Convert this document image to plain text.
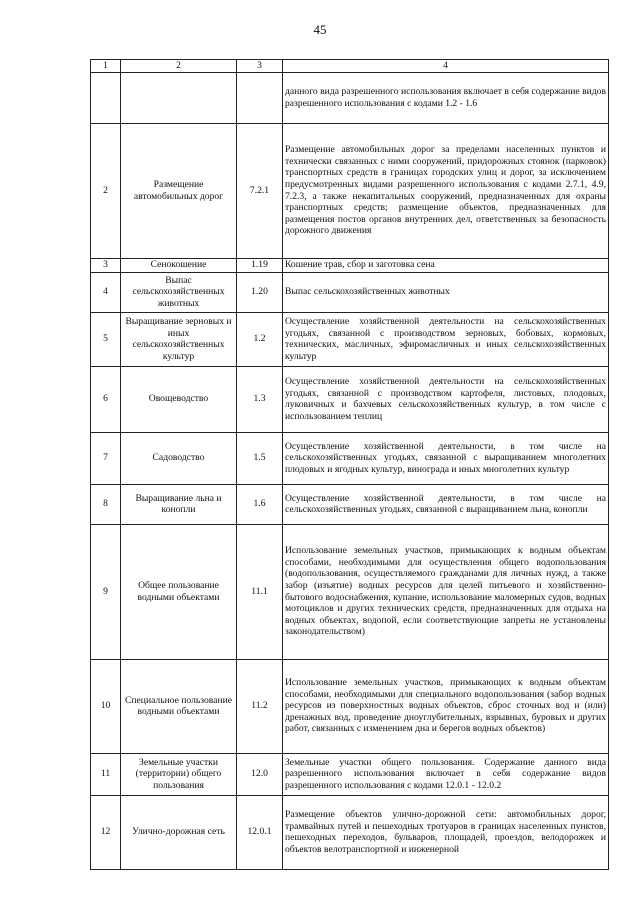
45
1	2	3	4
			данного вида разрешенного использования включает в себя содержание видов разрешенного использования с кодами 1.2 - 1.6
2	Размещение автомобильных дорог	7.2.1	Размещение автомобильных дорог за пределами населенных пунктов и технически связанных с ними сооружений, придорожных стоянок (парковок) транспортных средств в границах городских улиц и дорог, за исключением предусмотренных видами разрешенного использования с кодами 2.7.1, 4.9, 7.2.3, а также некапитальных сооружений, предназначенных для охраны транспортных средств; размещение объектов, предназначенных для размещения постов органов внутренних дел, ответственных за безопасность дорожного движения
3	Сенокошение	1.19	Кошение трав, сбор и заготовка сена
4	Выпас сельскохозяйственных животных	1.20	Выпас сельскохозяйственных животных
5	Выращивание зерновых и иных сельскохозяйственных культур	1.2	Осуществление хозяйственной деятельности на сельскохозяйственных угодьях, связанной с производством зерновых, бобовых, кормовых, технических, масличных, эфиромасличных и иных сельскохозяйственных культур
6	Овощеводство	1.3	Осуществление хозяйственной деятельности на сельскохозяйственных угодьях, связанной с производством картофеля, листовых, плодовых, луковичных и бахчевых сельскохозяйственных культур, в том числе с использованием теплиц
7	Садоводство	1.5	Осуществление хозяйственной деятельности, в том числе на сельскохозяйственных угодьях, связанной с выращиванием многолетних плодовых и ягодных культур, винограда и иных многолетних культур
8	Выращивание льна и конопли	1.6	Осуществление хозяйственной деятельности, в том числе на сельскохозяйственных угодьях, связанной с выращиванием льна, конопли
9	Общее пользование водными объектами	11.1	Использование земельных участков, примыкающих к водным объектам способами, необходимыми для осуществления общего водопользования (водопользования, осуществляемого гражданами для личных нужд, а также забор (изъятие) водных ресурсов для целей питьевого и хозяйственно-бытового водоснабжения, купание, использование маломерных судов, водных мотоциклов и других технических средств, предназначенных для отдыха на водных объектах, водопой, если соответствующие запреты не установлены законодательством)
10	Специальное пользование водными объектами	11.2	Использование земельных участков, примыкающих к водным объектам способами, необходимыми для специального водопользования (забор водных ресурсов из поверхностных водных объектов, сброс сточных вод и (или) дренажных вод, проведение дноуглубительных, взрывных, буровых и других работ, связанных с изменением дна и берегов водных объектов)
11	Земельные участки (территории) общего пользования	12.0	Земельные участки общего пользования. Содержание данного вида разрешенного использования включает в себя содержание видов разрешенного использования с кодами 12.0.1 - 12.0.2
12	Улично-дорожная сеть	12.0.1	Размещение объектов улично-дорожной сети: автомобильных дорог, трамвайных путей и пешеходных тротуаров в границах населенных пунктов, пешеходных переходов, бульваров, площадей, проездов, велодорожек и объектов велотранспортной и инженерной
